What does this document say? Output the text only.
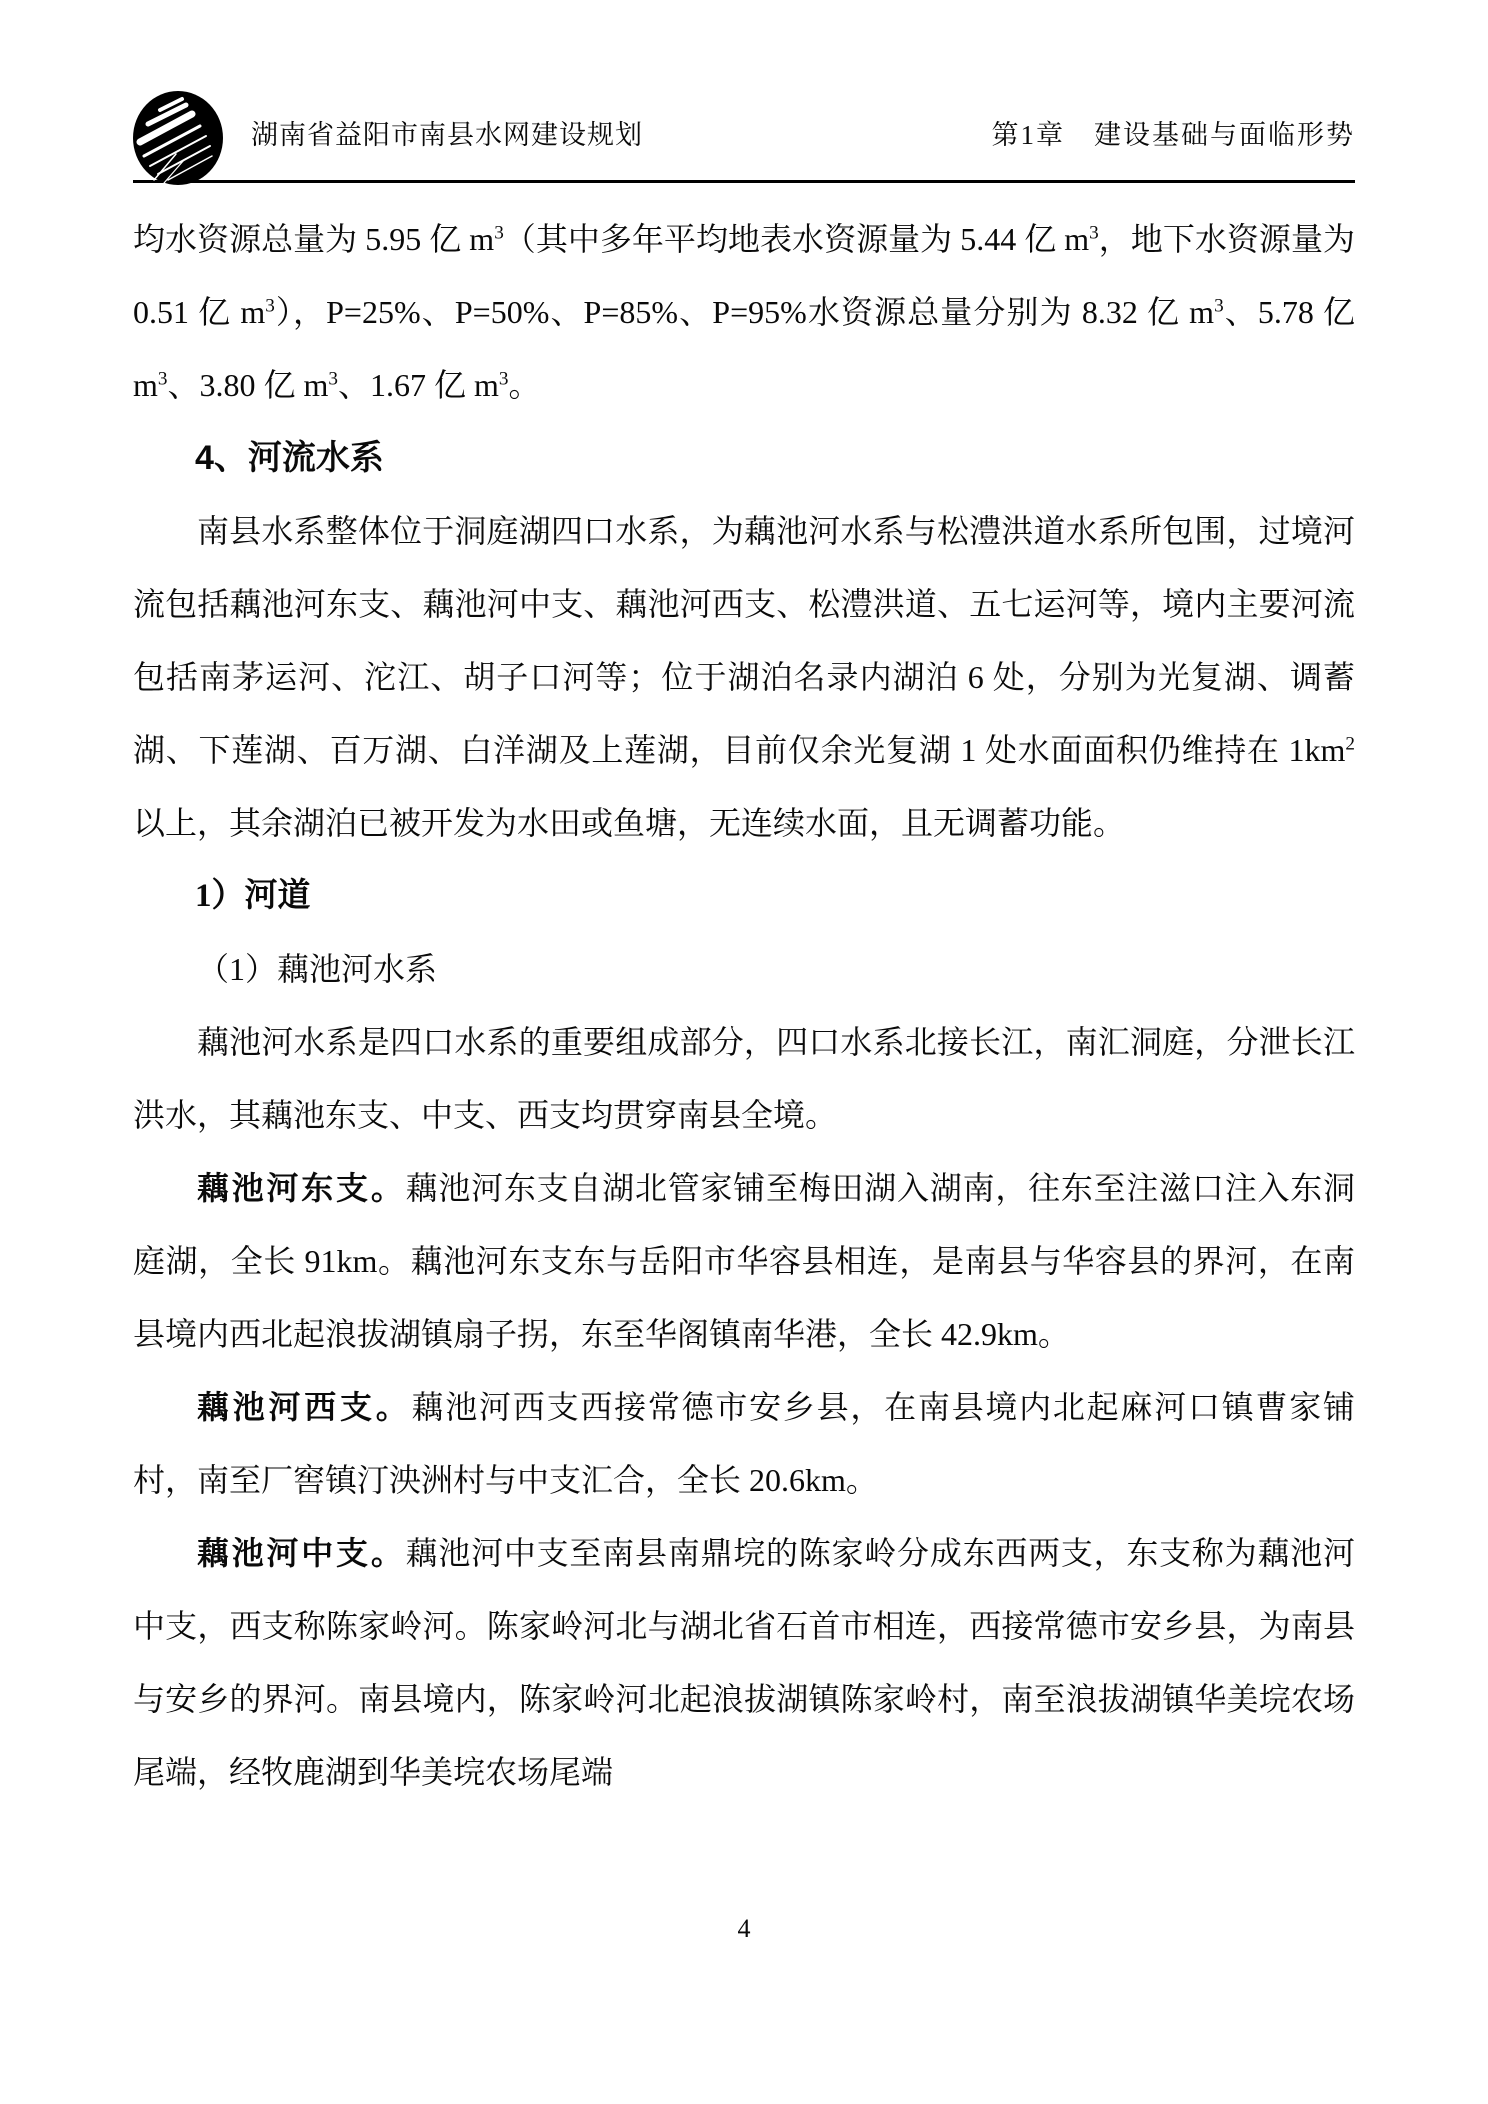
湖南省益阳市南县水网建设规划	第1章　建设基础与面临形势

均水资源总量为 5.95 亿 $m^3$（其中多年平均地表水资源量为 5.44 亿 $m^3$，地下水资源量为 0.51 亿 $m^3$），P=25%、P=50%、P=85%、P=95%水资源总量分别为 8.32 亿 $m^3$、5.78 亿 $m^3$、3.80 亿 $m^3$、1.67 亿 $m^3$。

4、河流水系

南县水系整体位于洞庭湖四口水系，为藕池河水系与松澧洪道水系所包围，过境河流包括藕池河东支、藕池河中支、藕池河西支、松澧洪道、五七运河等，境内主要河流包括南茅运河、沱江、胡子口河等；位于湖泊名录内湖泊 6 处，分别为光复湖、调蓄湖、下莲湖、百万湖、白洋湖及上莲湖，目前仅余光复湖 1 处水面面积仍维持在 $1km^2$ 以上，其余湖泊已被开发为水田或鱼塘，无连续水面，且无调蓄功能。

1）河道

（1）藕池河水系

藕池河水系是四口水系的重要组成部分，四口水系北接长江，南汇洞庭，分泄长江洪水，其藕池东支、中支、西支均贯穿南县全境。

藕池河东支。藕池河东支自湖北管家铺至梅田湖入湖南，往东至注滋口注入东洞庭湖，全长 91km。藕池河东支东与岳阳市华容县相连，是南县与华容县的界河，在南县境内西北起浪拔湖镇扇子拐，东至华阁镇南华港，全长 42.9km。

藕池河西支。藕池河西支西接常德市安乡县，在南县境内北起麻河口镇曹家铺村，南至厂窖镇汀泱洲村与中支汇合，全长 20.6km。

藕池河中支。藕池河中支至南县南鼎垸的陈家岭分成东西两支，东支称为藕池河中支，西支称陈家岭河。陈家岭河北与湖北省石首市相连，西接常德市安乡县，为南县与安乡的界河。南县境内，陈家岭河北起浪拔湖镇陈家岭村，南至浪拔湖镇华美垸农场尾端，经牧鹿湖到华美垸农场尾端

4
